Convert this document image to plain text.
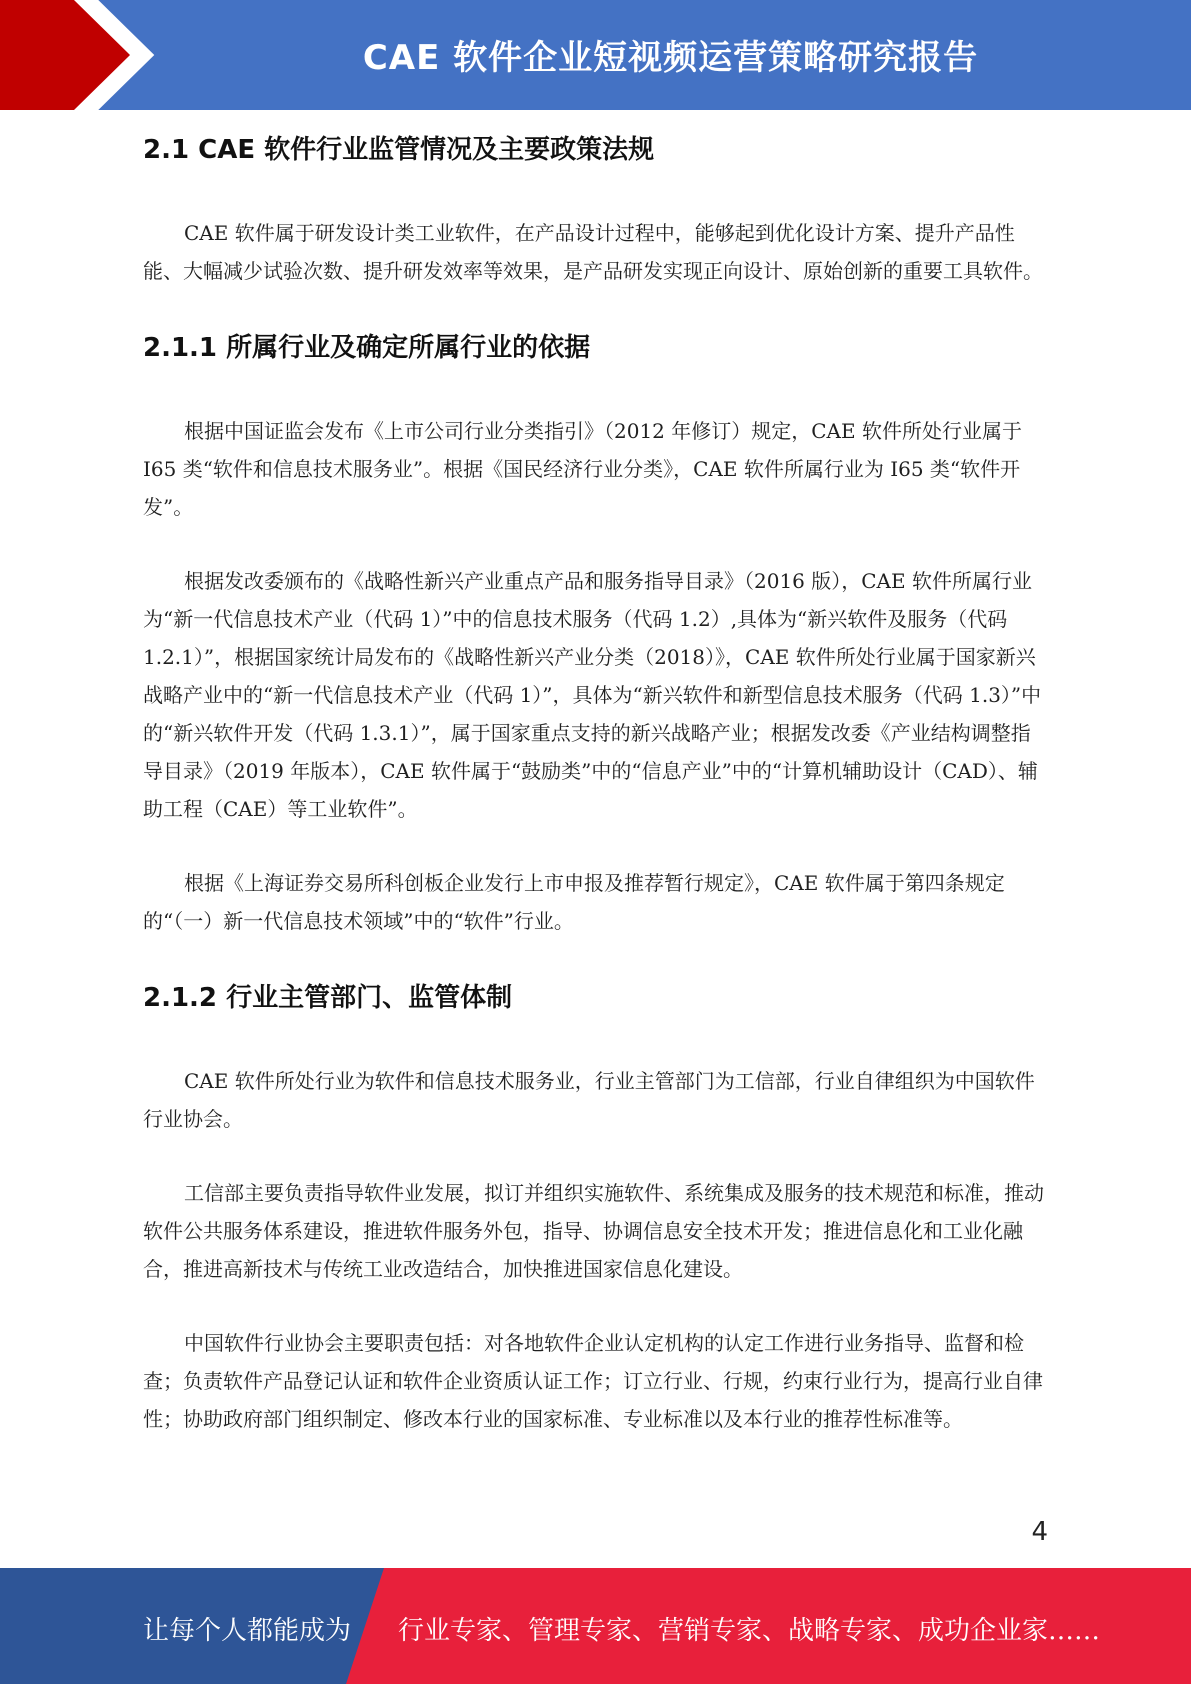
CAE 软件企业短视频运营策略研究报告
2.1 CAE 软件行业监管情况及主要政策法规

CAE 软件属于研发设计类工业软件，在产品设计过程中，能够起到优化设计方案、提升产品性能、大幅减少试验次数、提升研发效率等效果，是产品研发实现正向设计、原始创新的重要工具软件。

2.1.1 所属行业及确定所属行业的依据

根据中国证监会发布《上市公司行业分类指引》（2012 年修订）规定，CAE 软件所处行业属于 I65 类“软件和信息技术服务业”。根据《国民经济行业分类》，CAE 软件所属行业为 I65 类“软件开发”。

根据发改委颁布的《战略性新兴产业重点产品和服务指导目录》（2016 版），CAE 软件所属行业为“新一代信息技术产业（代码 1）”中的信息技术服务（代码 1.2）,具体为“新兴软件及服务（代码 1.2.1）”，根据国家统计局发布的《战略性新兴产业分类（2018）》，CAE 软件所处行业属于国家新兴战略产业中的“新一代信息技术产业（代码 1）”，具体为“新兴软件和新型信息技术服务（代码 1.3）”中的“新兴软件开发（代码 1.3.1）”，属于国家重点支持的新兴战略产业；根据发改委《产业结构调整指导目录》（2019 年版本），CAE 软件属于“鼓励类”中的“信息产业”中的“计算机辅助设计（CAD）、辅助工程（CAE）等工业软件”。

根据《上海证券交易所科创板企业发行上市申报及推荐暂行规定》，CAE 软件属于第四条规定的“（一）新一代信息技术领域”中的“软件”行业。

2.1.2 行业主管部门、监管体制

CAE 软件所处行业为软件和信息技术服务业，行业主管部门为工信部，行业自律组织为中国软件行业协会。

工信部主要负责指导软件业发展，拟订并组织实施软件、系统集成及服务的技术规范和标准，推动软件公共服务体系建设，推进软件服务外包，指导、协调信息安全技术开发；推进信息化和工业化融合，推进高新技术与传统工业改造结合，加快推进国家信息化建设。

中国软件行业协会主要职责包括：对各地软件企业认定机构的认定工作进行业务指导、监督和检查；负责软件产品登记认证和软件企业资质认证工作；订立行业、行规，约束行业行为，提高行业自律性；协助政府部门组织制定、修改本行业的国家标准、专业标准以及本行业的推荐性标准等。

4
让每个人都能成为 行业专家、管理专家、营销专家、战略专家、成功企业家……
